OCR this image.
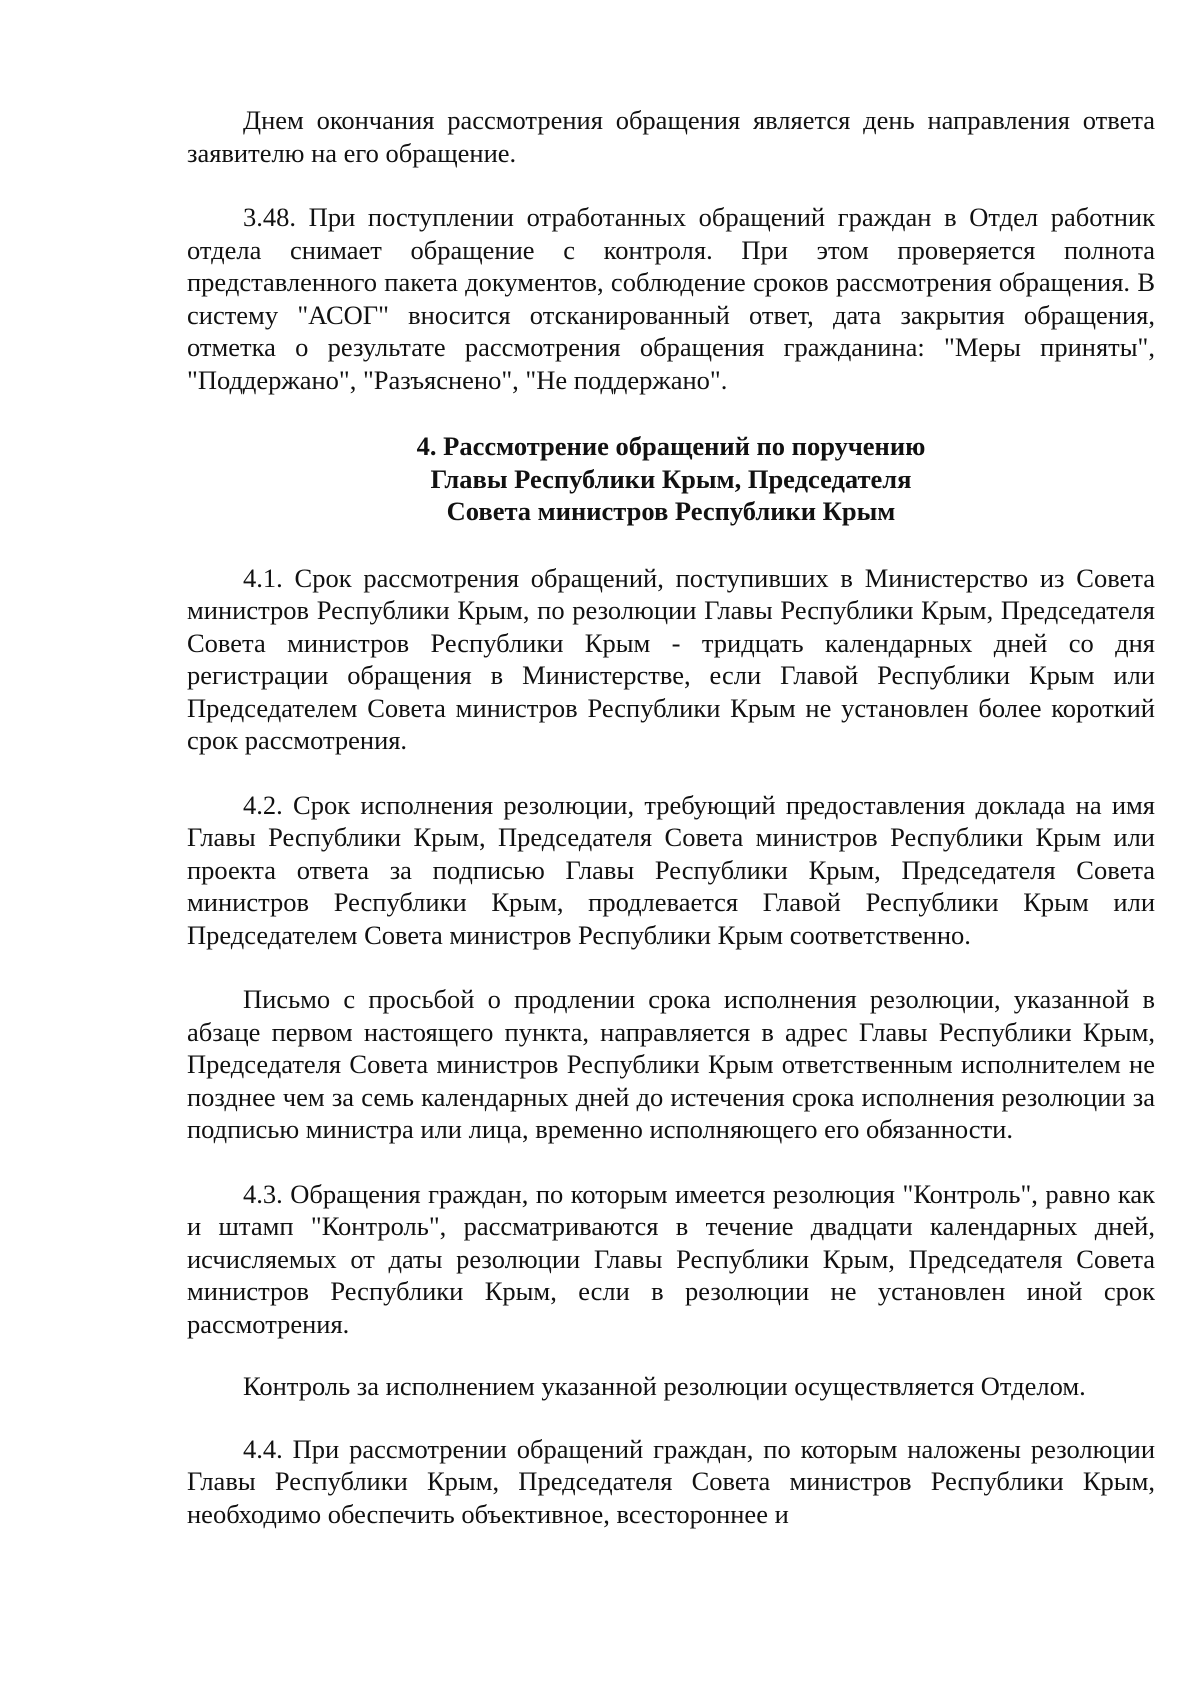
Днем окончания рассмотрения обращения является день направления ответа заявителю на его обращение.

3.48. При поступлении отработанных обращений граждан в Отдел работник отдела снимает обращение с контроля. При этом проверяется полнота представленного пакета документов, соблюдение сроков рассмотрения обращения. В систему "АСОГ" вносится отсканированный ответ, дата закрытия обращения, отметка о результате рассмотрения обращения гражданина: "Меры приняты", "Поддержано", "Разъяснено", "Не поддержано".

4. Рассмотрение обращений по поручению
Главы Республики Крым, Председателя
Совета министров Республики Крым

4.1. Срок рассмотрения обращений, поступивших в Министерство из Совета министров Республики Крым, по резолюции Главы Республики Крым, Председателя Совета министров Республики Крым - тридцать календарных дней со дня регистрации обращения в Министерстве, если Главой Республики Крым или Председателем Совета министров Республики Крым не установлен более короткий срок рассмотрения.

4.2. Срок исполнения резолюции, требующий предоставления доклада на имя Главы Республики Крым, Председателя Совета министров Республики Крым или проекта ответа за подписью Главы Республики Крым, Председателя Совета министров Республики Крым, продлевается Главой Республики Крым или Председателем Совета министров Республики Крым соответственно.

Письмо с просьбой о продлении срока исполнения резолюции, указанной в абзаце первом настоящего пункта, направляется в адрес Главы Республики Крым, Председателя Совета министров Республики Крым ответственным исполнителем не позднее чем за семь календарных дней до истечения срока исполнения резолюции за подписью министра или лица, временно исполняющего его обязанности.

4.3. Обращения граждан, по которым имеется резолюция "Контроль", равно как и штамп "Контроль", рассматриваются в течение двадцати календарных дней, исчисляемых от даты резолюции Главы Республики Крым, Председателя Совета министров Республики Крым, если в резолюции не установлен иной срок рассмотрения.

Контроль за исполнением указанной резолюции осуществляется Отделом.

4.4. При рассмотрении обращений граждан, по которым наложены резолюции Главы Республики Крым, Председателя Совета министров Республики Крым, необходимо обеспечить объективное, всестороннее и
